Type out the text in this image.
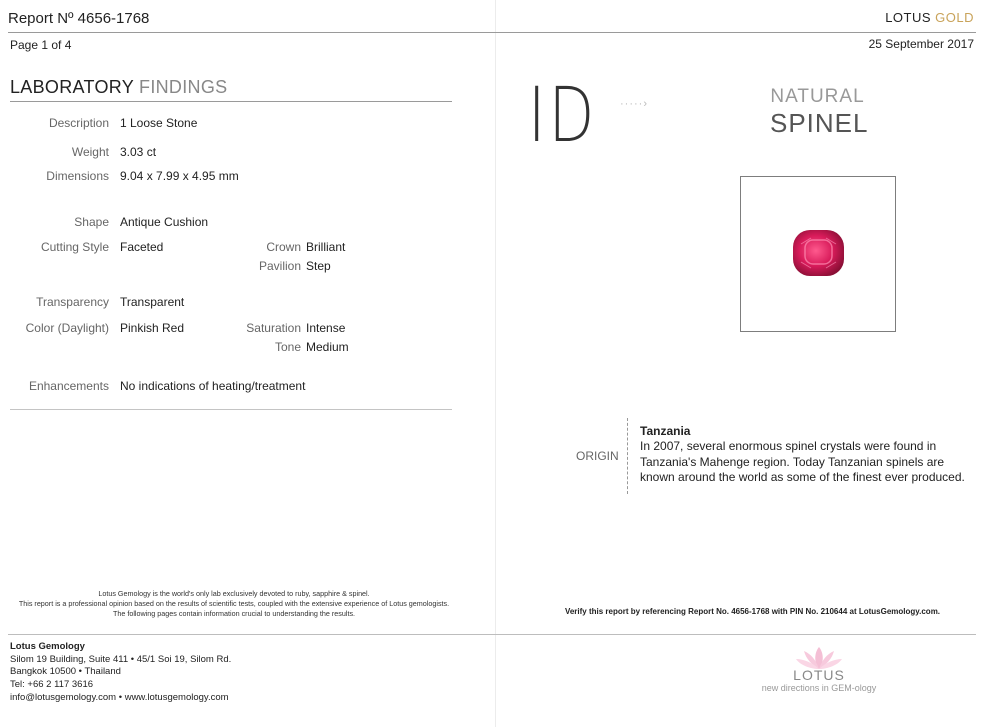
Report Nº 4656-1768
Page 1 of 4
LOTUS GOLD
25 September 2017
LABORATORY FINDINGS
Description 1 Loose Stone
Weight 3.03 ct
Dimensions 9.04 x 7.99 x 4.95 mm
Shape Antique Cushion
Cutting Style Faceted	Crown Brilliant
Pavilion Step
Transparency Transparent
Color (Daylight) Pinkish Red	Saturation Intense
Tone Medium
Enhancements No indications of heating/treatment
ID ·····›	NATURAL
SPINEL
ORIGIN
Tanzania
In 2007, several enormous spinel crystals were found in Tanzania's Mahenge region. Today Tanzanian spinels are known around the world as some of the finest ever produced.
Lotus Gemology is the world's only lab exclusively devoted to ruby, sapphire & spinel.
This report is a professional opinion based on the results of scientific tests, coupled with the extensive experience of Lotus gemologists. The following pages contain information crucial to understanding the results.	Verify this report by referencing Report No. 4656-1768 with PIN No. 210644 at LotusGemology.com.
Lotus Gemology
Silom 19 Building, Suite 411 • 45/1 Soi 19, Silom Rd.
Bangkok 10500 • Thailand
Tel: +66 2 117 3616
info@lotusgemology.com • www.lotusgemology.com
LOTUS
new directions in GEM-ology
